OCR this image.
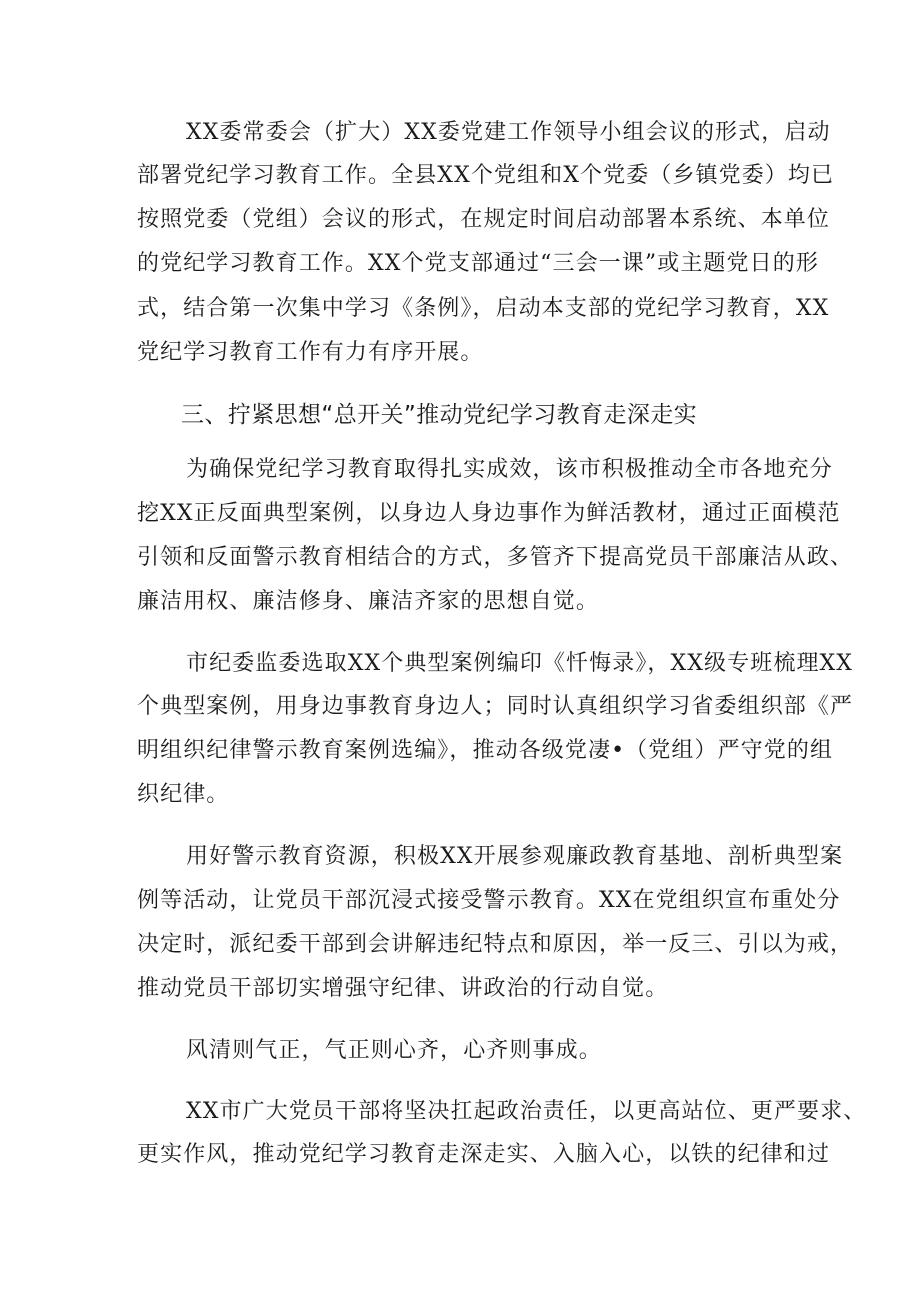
XX委常委会（扩大）XX委党建工作领导小组会议的形式，启动
部署党纪学习教育工作。全县XX个党组和X个党委（乡镇党委）均已
按照党委（党组）会议的形式，在规定时间启动部署本系统、本单位
的党纪学习教育工作。XX个党支部通过“三会一课”或主题党日的形
式，结合第一次集中学习《条例》，启动本支部的党纪学习教育，XX
党纪学习教育工作有力有序开展。
三、拧紧思想“总开关”推动党纪学习教育走深走实
为确保党纪学习教育取得扎实成效，该市积极推动全市各地充分
挖XX正反面典型案例，以身边人身边事作为鲜活教材，通过正面模范
引领和反面警示教育相结合的方式，多管齐下提高党员干部廉洁从政、
廉洁用权、廉洁修身、廉洁齐家的思想自觉。
市纪委监委选取XX个典型案例编印《忏悔录》，XX级专班梳理XX
个典型案例，用身边事教育身边人；同时认真组织学习省委组织部《严
明组织纪律警示教育案例选编》，推动各级党凄•（党组）严守党的组
织纪律。
用好警示教育资源，积极XX开展参观廉政教育基地、剖析典型案
例等活动，让党员干部沉浸式接受警示教育。XX在党组织宣布重处分
决定时，派纪委干部到会讲解违纪特点和原因，举一反三、引以为戒，
推动党员干部切实增强守纪律、讲政治的行动自觉。
风清则气正，气正则心齐，心齐则事成。
XX市广大党员干部将坚决扛起政治责任，以更高站位、更严要求、
更实作风，推动党纪学习教育走深走实、入脑入心，以铁的纪律和过
